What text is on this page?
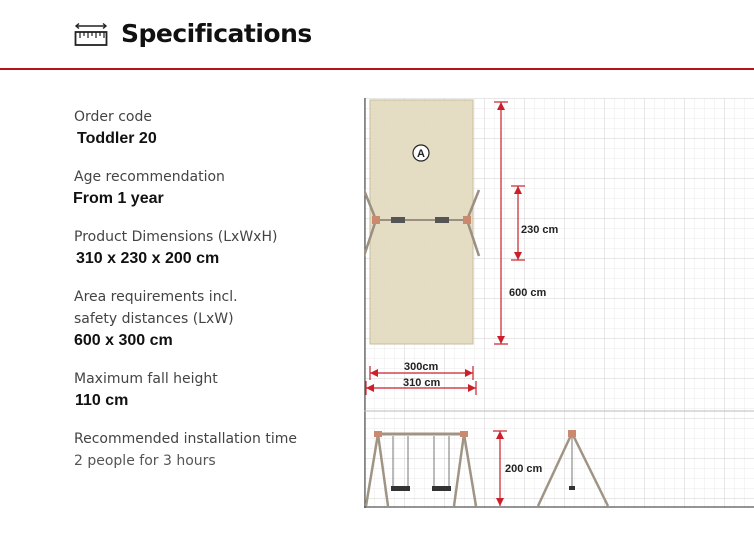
Specifications
Order code
Toddler 20
Age recommendation
From 1 year
Product Dimensions (LxWxH)
310 x 230 x 200 cm
Area requirements incl.
safety distances (LxW)
600 x 300 cm
Maximum fall height
110 cm
Recommended installation time
2 people for 3 hours
A
230 cm
600 cm
300cm
310 cm
200 cm
